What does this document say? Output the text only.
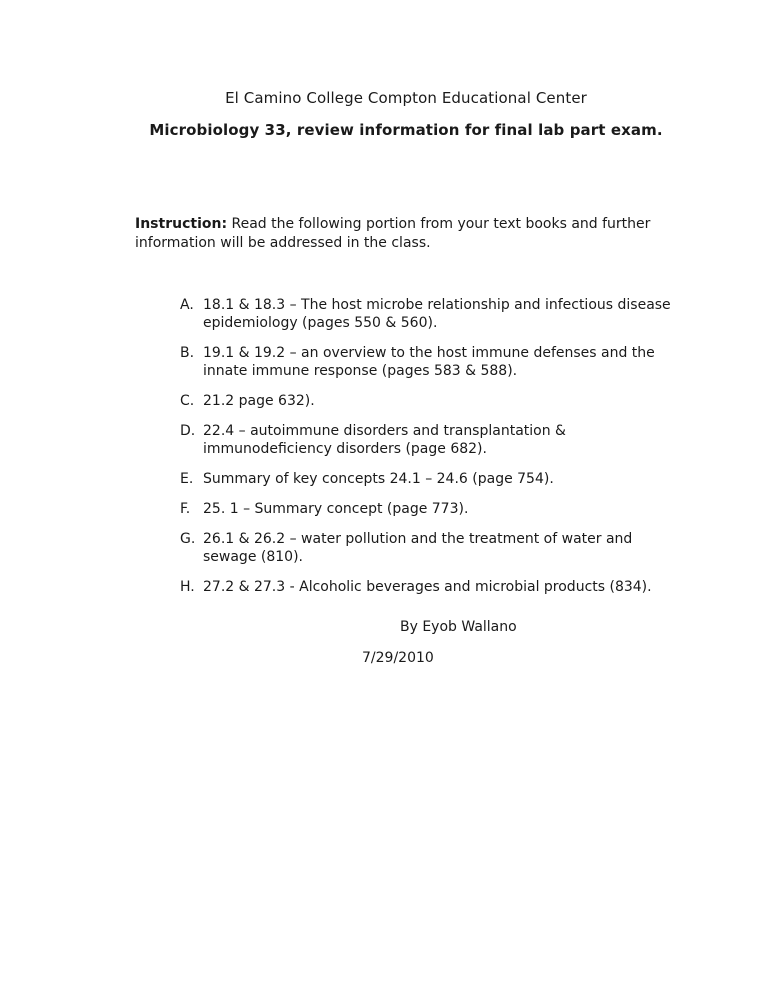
El Camino College Compton Educational Center
Microbiology 33, review information for final lab part exam.
Instruction: Read the following portion from your text books and further information will be addressed in the class.
A. 18.1 & 18.3 – The host microbe relationship and infectious disease epidemiology (pages 550 & 560).
B. 19.1 & 19.2 – an overview to the host immune defenses and the innate immune response (pages 583 & 588).
C. 21.2 page 632).
D. 22.4 – autoimmune disorders and transplantation & immunodeficiency disorders (page 682).
E. Summary of key concepts 24.1 – 24.6 (page 754).
F. 25. 1 – Summary concept (page 773).
G. 26.1 & 26.2 – water pollution and the treatment of water and sewage (810).
H. 27.2 & 27.3 - Alcoholic beverages and microbial products (834).
By Eyob Wallano
7/29/2010
